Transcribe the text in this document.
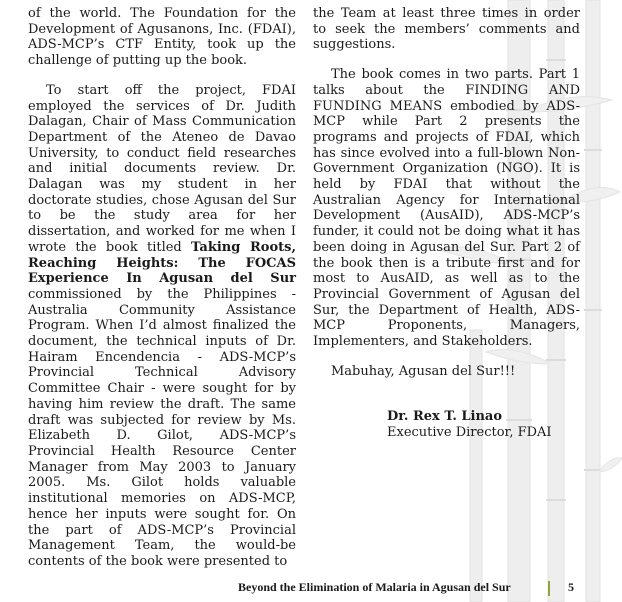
of the world. The Foundation for the Development of Agusanons, Inc. (FDAI), ADS-MCP’s CTF Entity, took up the challenge of putting up the book.

To start off the project, FDAI employed the services of Dr. Judith Dalagan, Chair of Mass Communication Department of the Ateneo de Davao University, to conduct field researches and initial documents review. Dr. Dalagan was my student in her doctorate studies, chose Agusan del Sur to be the study area for her dissertation, and worked for me when I wrote the book titled Taking Roots, Reaching Heights: The FOCAS Experience In Agusan del Sur commissioned by the Philippines - Australia Community Assistance Program. When I’d almost finalized the document, the technical inputs of Dr. Hairam Encendencia - ADS-MCP’s Provincial Technical Advisory Committee Chair - were sought for by having him review the draft. The same draft was subjected for review by Ms. Elizabeth D. Gilot, ADS-MCP’s Provincial Health Resource Center Manager from May 2003 to January 2005. Ms. Gilot holds valuable institutional memories on ADS-MCP, hence her inputs were sought for. On the part of ADS-MCP’s Provincial Management Team, the would-be contents of the book were presented to

the Team at least three times in order to seek the members’ comments and suggestions.

The book comes in two parts. Part 1 talks about the FINDING AND FUNDING MEANS embodied by ADS-MCP while Part 2 presents the programs and projects of FDAI, which has since evolved into a full-blown Non-Government Organization (NGO). It is held by FDAI that without the Australian Agency for International Development (AusAID), ADS-MCP’s funder, it could not be doing what it has been doing in Agusan del Sur. Part 2 of the book then is a tribute first and for most to AusAID, as well as to the Provincial Government of Agusan del Sur, the Department of Health, ADS-MCP Proponents, Managers, Implementers, and Stakeholders.

Mabuhay, Agusan del Sur!!!

Dr. Rex T. Linao
Executive Director, FDAI

Beyond the Elimination of Malaria in Agusan del Sur	5
